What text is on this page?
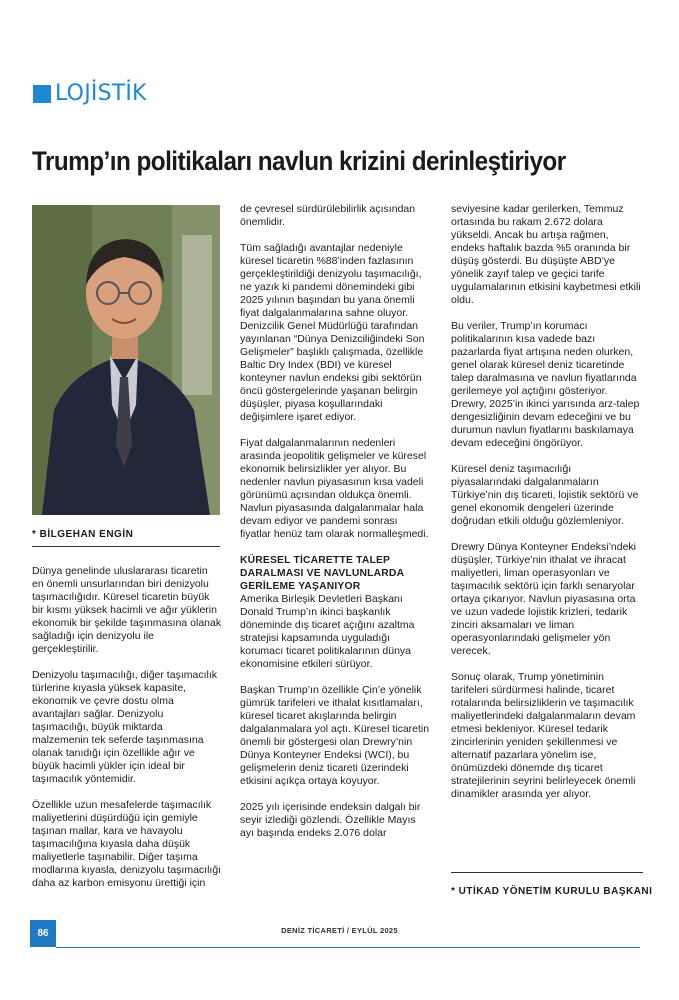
LOJİSTİK
Trump’ın politikaları navlun krizini derinleştiriyor
* BİLGEHAN ENGİN

Dünya genelinde uluslararası ticaretin en önemli unsurlarından biri denizyolu taşımacılığıdır. Küresel ticaretin büyük bir kısmı yüksek hacimli ve ağır yüklerin ekonomik bir şekilde taşınmasına olanak sağladığı için denizyolu ile gerçekleştirilir.

Denizyolu taşımacılığı, diğer taşımacılık türlerine kıyasla yüksek kapasite, ekonomik ve çevre dostu olma avantajları sağlar. Denizyolu taşımacılığı, büyük miktarda malzemenin tek seferde taşınmasına olanak tanıdığı için özellikle ağır ve büyük hacimli yükler için ideal bir taşımacılık yöntemidir.

Özellikle uzun mesafelerde taşımacılık maliyetlerini düşürdüğü için gemiyle taşınan mallar, kara ve havayolu taşımacılığına kıyasla daha düşük maliyetlerle taşınabilir. Diğer taşıma modlarına kıyasla, denizyolu taşımacılığı daha az karbon emisyonu ürettiği için

de çevresel sürdürülebilirlik açısından önemlidir.

Tüm sağladığı avantajlar nedeniyle küresel ticaretin %88’inden fazlasının gerçekleştirildiği denizyolu taşımacılığı, ne yazık ki pandemi dönemindeki gibi 2025 yılının başından bu yana önemli fiyat dalgalanmalarına sahne oluyor. Denizcilik Genel Müdürlüğü tarafından yayınlanan “Dünya Denizciliğindeki Son Gelişmeler” başlıklı çalışmada, özellikle Baltic Dry Index (BDI) ve küresel konteyner navlun endeksi gibi sektörün öncü göstergelerinde yaşanan belirgin düşüşler, piyasa koşullarındaki değişimlere işaret ediyor.

Fiyat dalgalanmalarının nedenleri arasında jeopolitik gelişmeler ve küresel ekonomik belirsizlikler yer alıyor. Bu nedenler navlun piyasasının kısa vadeli görünümü açısından oldukça önemli. Navlun piyasasında dalgalanmalar hala devam ediyor ve pandemi sonrası fiyatlar henüz tam olarak normalleşmedi.

KÜRESEL TİCARETTE TALEP DARALMASI VE NAVLUNLARDA GERİLEME YAŞANIYOR

Amerika Birleşik Devletleri Başkanı Donald Trump’ın ikinci başkanlık döneminde dış ticaret açığını azaltma stratejisi kapsamında uyguladığı korumacı ticaret politikalarının dünya ekonomisine etkileri sürüyor.

Başkan Trump’ın özellikle Çin’e yönelik gümrük tarifeleri ve ithalat kısıtlamaları, küresel ticaret akışlarında belirgin dalgalanmalara yol açtı. Küresel ticaretin önemli bir göstergesi olan Drewry’nin Dünya Konteyner Endeksi (WCI), bu gelişmelerin deniz ticareti üzerindeki etkisini açıkça ortaya koyuyor.

2025 yılı içerisinde endeksin dalgalı bir seyir izlediği gözlendi. Özellikle Mayıs ayı başında endeks 2.076 dolar

seviyesine kadar gerilerken, Temmuz ortasında bu rakam 2.672 dolara yükseldi. Ancak bu artışa rağmen, endeks haftalık bazda %5 oranında bir düşüş gösterdi. Bu düşüşte ABD’ye yönelik zayıf talep ve geçici tarife uygulamalarının etkisini kaybetmesi etkili oldu.

Bu veriler, Trump’ın korumacı politikalarının kısa vadede bazı pazarlarda fiyat artışına neden olurken, genel olarak küresel deniz ticaretinde talep daralmasına ve navlun fiyatlarında gerilemeye yol açtığını gösteriyor. Drewry, 2025’in ikinci yarısında arz-talep dengesizliğinin devam edeceğini ve bu durumun navlun fiyatlarını baskılamaya devam edeceğini öngörüyor.

Küresel deniz taşımacılığı piyasalarındaki dalgalanmaların Türkiye’nin dış ticareti, lojistik sektörü ve genel ekonomik dengeleri üzerinde doğrudan etkili olduğu gözlemleniyor.

Drewry Dünya Konteyner Endeksi’ndeki düşüşler, Türkiye’nin ithalat ve ihracat maliyetleri, liman operasyonları ve taşımacılık sektörü için farklı senaryolar ortaya çıkarıyor. Navlun piyasasına orta ve uzun vadede lojistik krizleri, tedarik zinciri aksamaları ve liman operasyonlarındaki gelişmeler yön verecek.

Sonuç olarak, Trump yönetiminin tarifeleri sürdürmesi halinde, ticaret rotalarında belirsizliklerin ve taşımacılık maliyetlerindeki dalgalanmaların devam etmesi bekleniyor. Küresel tedarik zincirlerinin yeniden şekillenmesi ve alternatif pazarlara yönelim ise, önümüzdeki dönemde dış ticaret stratejilerinin seyrini belirleyecek önemli dinamikler arasında yer alıyor.

* UTİKAD YÖNETİM KURULU BAŞKANI
86	DENİZ TİCARETİ / EYLÜL 2025
